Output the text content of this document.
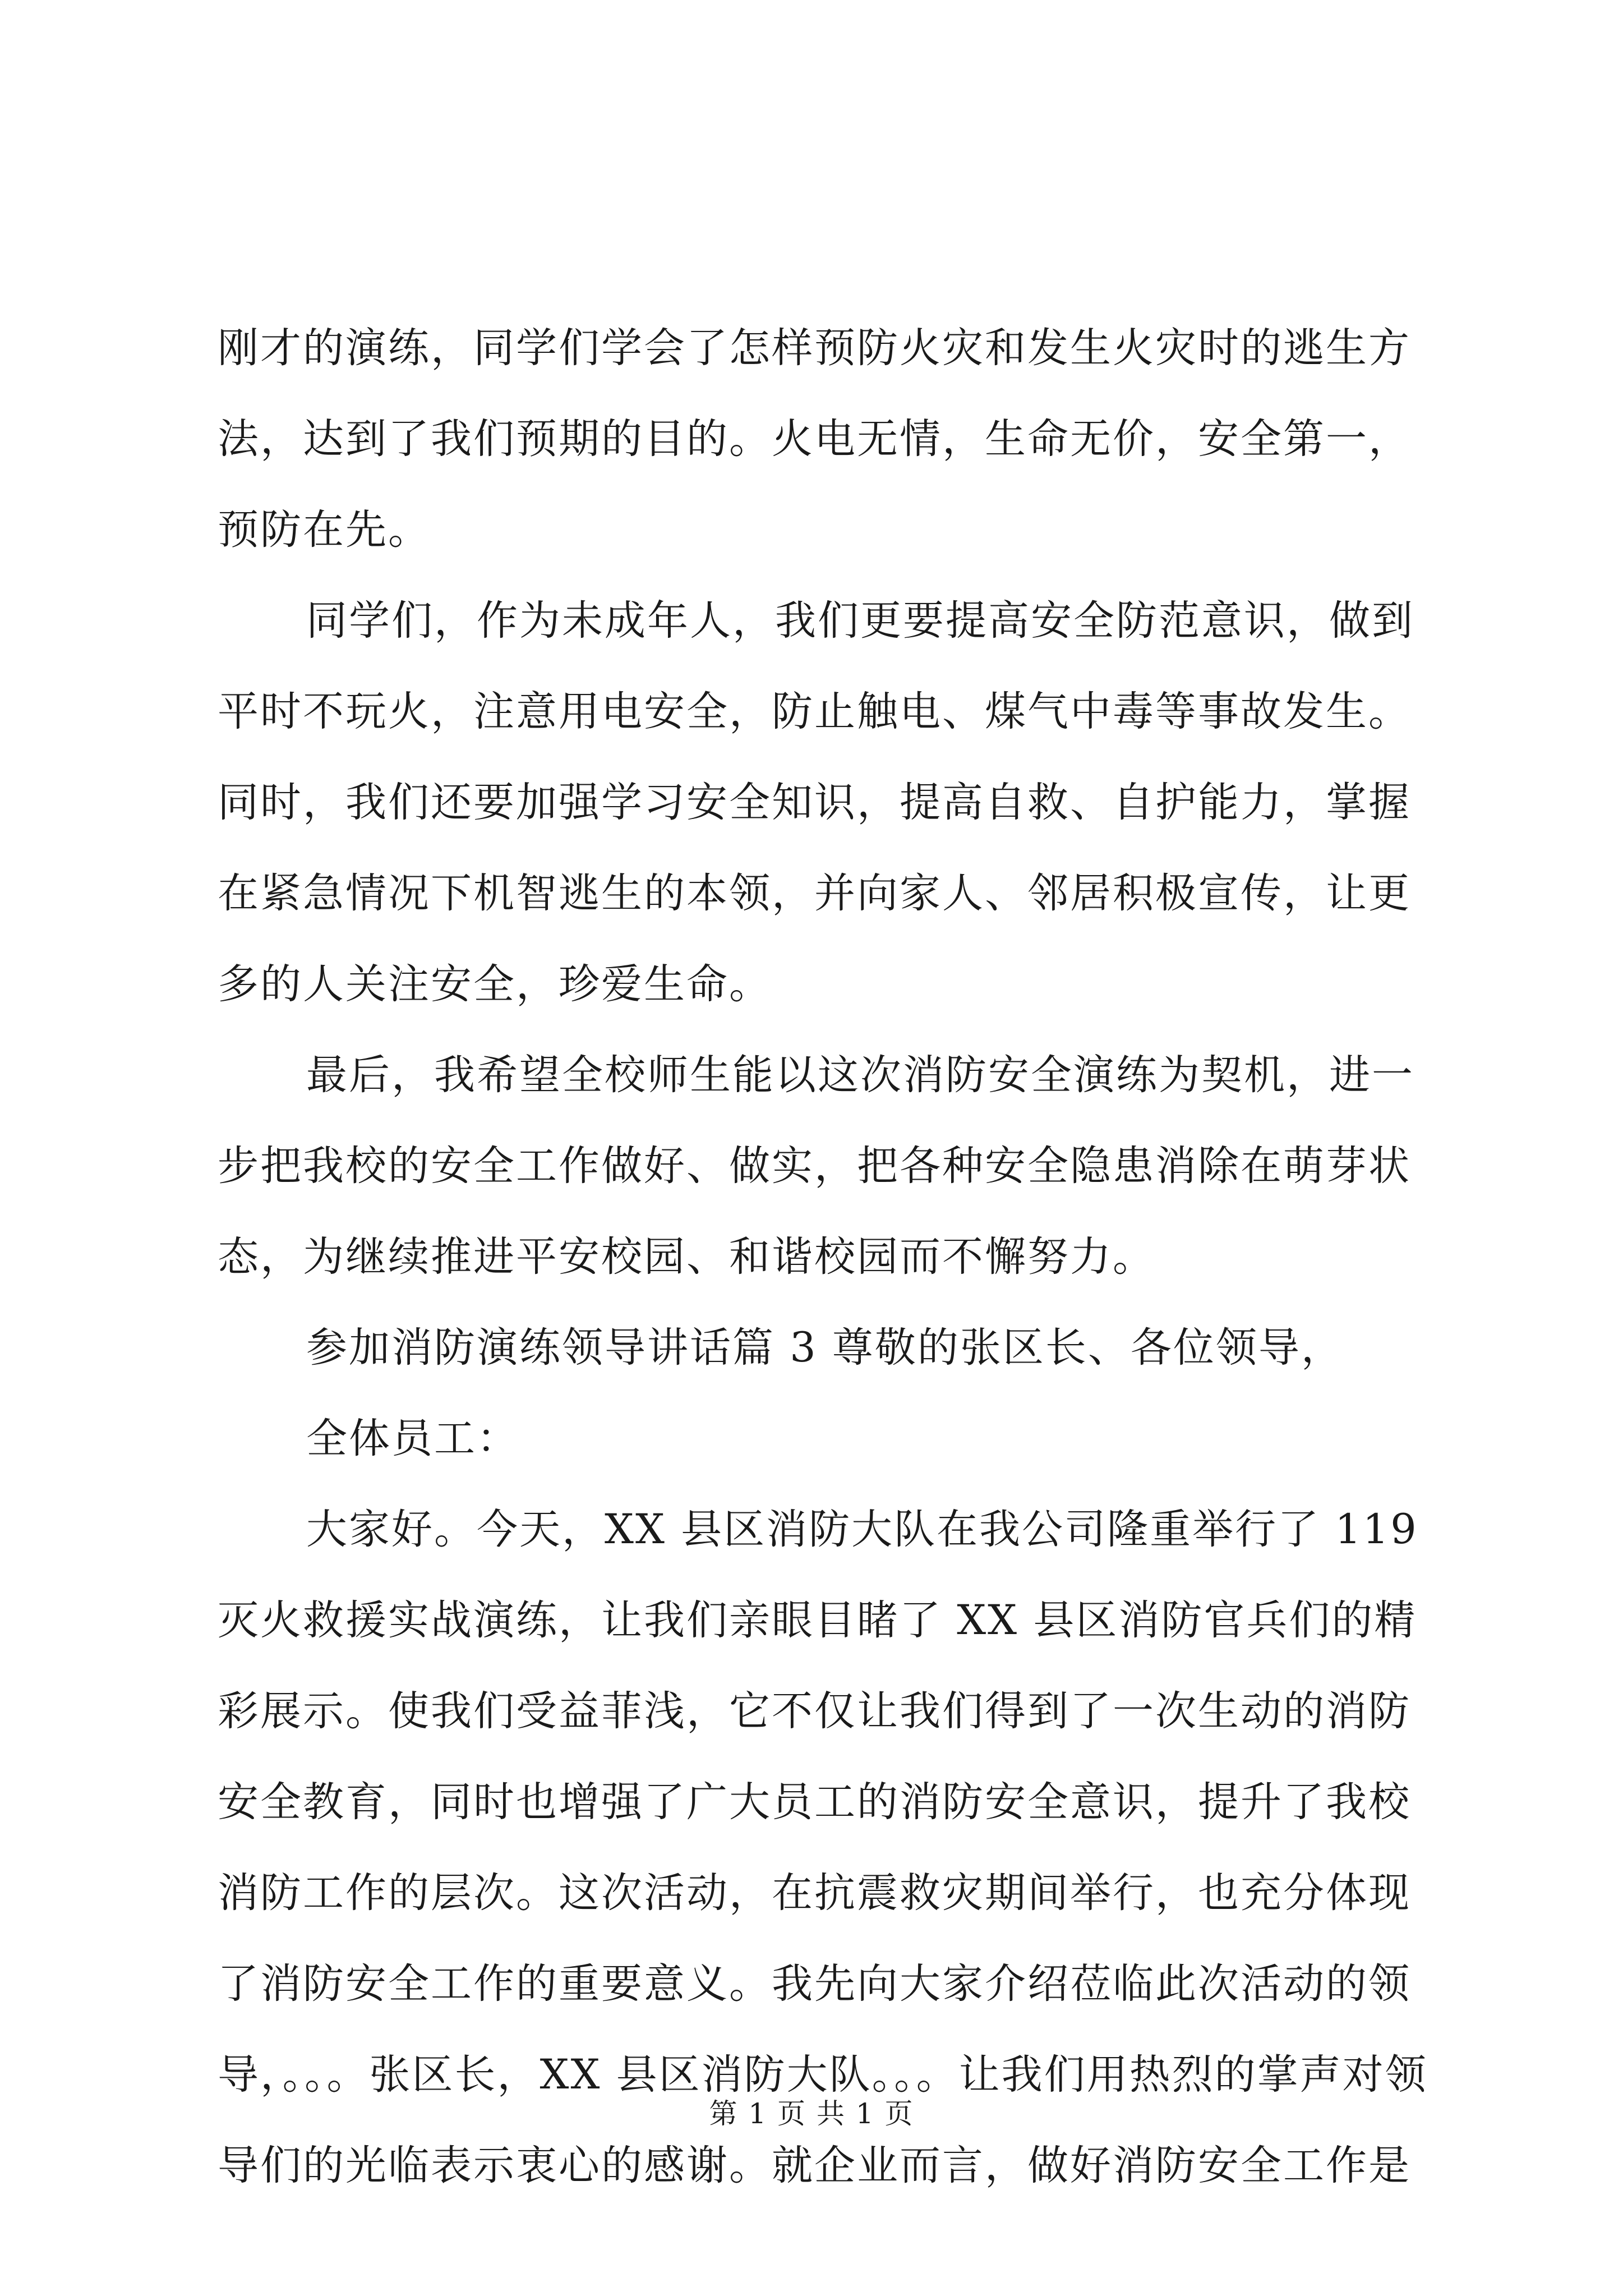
刚才的演练，同学们学会了怎样预防火灾和发生火灾时的逃生方
法，达到了我们预期的目的。火电无情，生命无价，安全第一，
预防在先。
同学们，作为未成年人，我们更要提高安全防范意识，做到
平时不玩火，注意用电安全，防止触电、煤气中毒等事故发生。
同时，我们还要加强学习安全知识，提高自救、自护能力，掌握
在紧急情况下机智逃生的本领，并向家人、邻居积极宣传，让更
多的人关注安全，珍爱生命。
最后，我希望全校师生能以这次消防安全演练为契机，进一
步把我校的安全工作做好、做实，把各种安全隐患消除在萌芽状
态，为继续推进平安校园、和谐校园而不懈努力。
参加消防演练领导讲话篇 3 尊敬的张区长、各位领导，
全体员工：
大家好。今天，XX 县区消防大队在我公司隆重举行了 119
灭火救援实战演练，让我们亲眼目睹了 XX 县区消防官兵们的精
彩展示。使我们受益菲浅，它不仅让我们得到了一次生动的消防
安全教育，同时也增强了广大员工的消防安全意识，提升了我校
消防工作的层次。这次活动，在抗震救灾期间举行，也充分体现
了消防安全工作的重要意义。我先向大家介绍莅临此次活动的领
导，。。。张区长，XX 县区消防大队。。。让我们用热烈的掌声对领
导们的光临表示衷心的感谢。就企业而言，做好消防安全工作是
第 1 页 共 1 页
